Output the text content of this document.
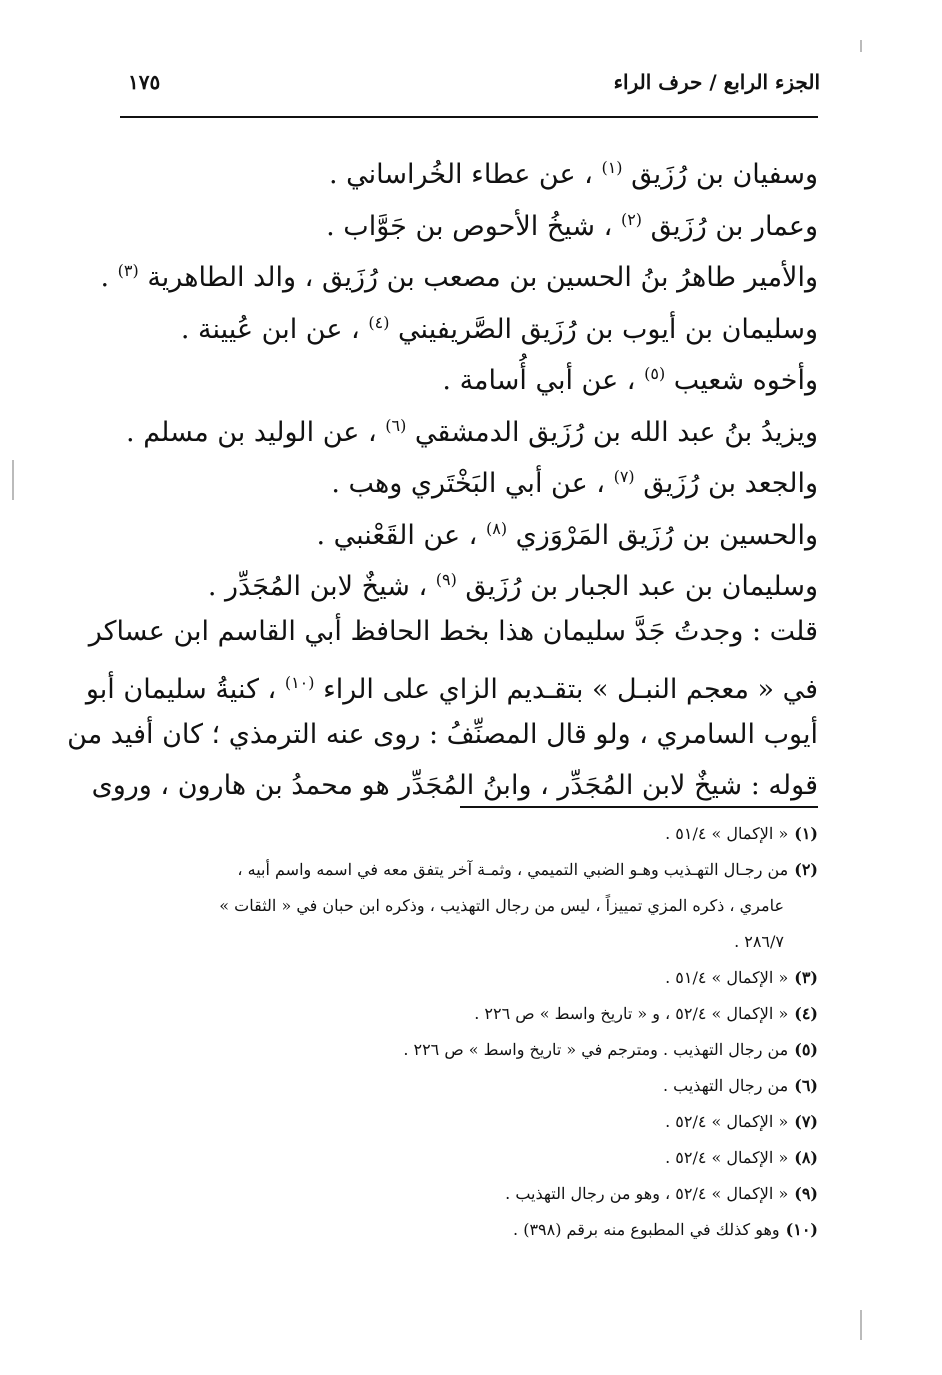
الجزء الرابع / حرف الراء
١٧٥
وسفيان بن رُزَيق $^{(١)}$ ، عن عطاء الخُراساني .
وعمار بن رُزَيق $^{(٢)}$ ، شيخُ الأحوص بن جَوَّاب .
والأمير طاهرُ بنُ الحسين بن مصعب بن رُزَيق ، والد الطاهرية $^{(٣)}$ .
وسليمان بن أيوب بن رُزَيق الصَّريفيني $^{(٤)}$ ، عن ابن عُيينة .
وأخوه شعيب $^{(٥)}$ ، عن أبي أُسامة .
ويزيدُ بنُ عبد الله بن رُزَيق الدمشقي $^{(٦)}$ ، عن الوليد بن مسلم .
والجعد بن رُزَيق $^{(٧)}$ ، عن أبي البَخْتَري وهب .
والحسين بن رُزَيق المَرْوَزي $^{(٨)}$ ، عن القَعْنبي .
وسليمان بن عبد الجبار بن رُزَيق $^{(٩)}$ ، شيخٌ لابن المُجَدِّر .
قلت : وجدتُ جَدَّ سليمان هذا بخط الحافظ أبي القاسم ابن عساكر
في « معجم النبـل » بتقـديم الزاي على الراء $^{(١٠)}$ ، كنيةُ سليمان أبو
أيوب السامري ، ولو قال المصنِّفُ : روى عنه الترمذي ؛ كان أفيد من
قوله : شيخٌ لابن المُجَدِّر ، وابنُ المُجَدِّر هو محمدُ بن هارون ، وروى
(١)« الإكمال » ٥١/٤ .
(٢)من رجـال التهـذيب وهـو الضبي التميمي ، وثمـة آخر يتفق معه في اسمه واسم أبيه ،
عامري ، ذكره المزي تمييزاً ، ليس من رجال التهذيب ، وذكره ابن حبان في « الثقات »
٢٨٦/٧ .
(٣)« الإكمال » ٥١/٤ .
(٤)« الإكمال » ٥٢/٤ ، و « تاريخ واسط » ص ٢٢٦ .
(٥)من رجال التهذيب . ومترجم في « تاريخ واسط » ص ٢٢٦ .
(٦)من رجال التهذيب .
(٧)« الإكمال » ٥٢/٤ .
(٨)« الإكمال » ٥٢/٤ .
(٩)« الإكمال » ٥٢/٤ ، وهو من رجال التهذيب .
(١٠)وهو كذلك في المطبوع منه برقم (٣٩٨) .
